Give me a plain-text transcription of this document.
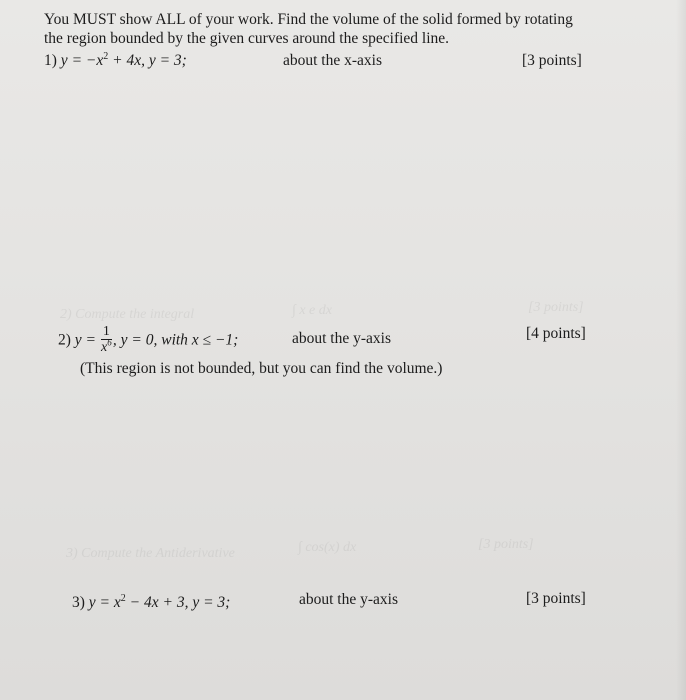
You MUST show ALL of your work. Find the volume of the solid formed by rotating
the region bounded by the given curves around the specified line.
1) $y = -x^2 + 4x$, y = 3;	about the x-axis	[3 points]
2) Compute the integral	∫ x e dx	[3 points]
3) Compute the Antiderivative	∫ cos(x) dx	[3 points]
2) $y = \frac{1}{x^6}$ , y = 0, with x ≤ −1;	about the y-axis	[4 points]
(This region is not bounded, but you can find the volume.)
3) $y = x^2 - 4x + 3$, y = 3;	about the y-axis	[3 points]
